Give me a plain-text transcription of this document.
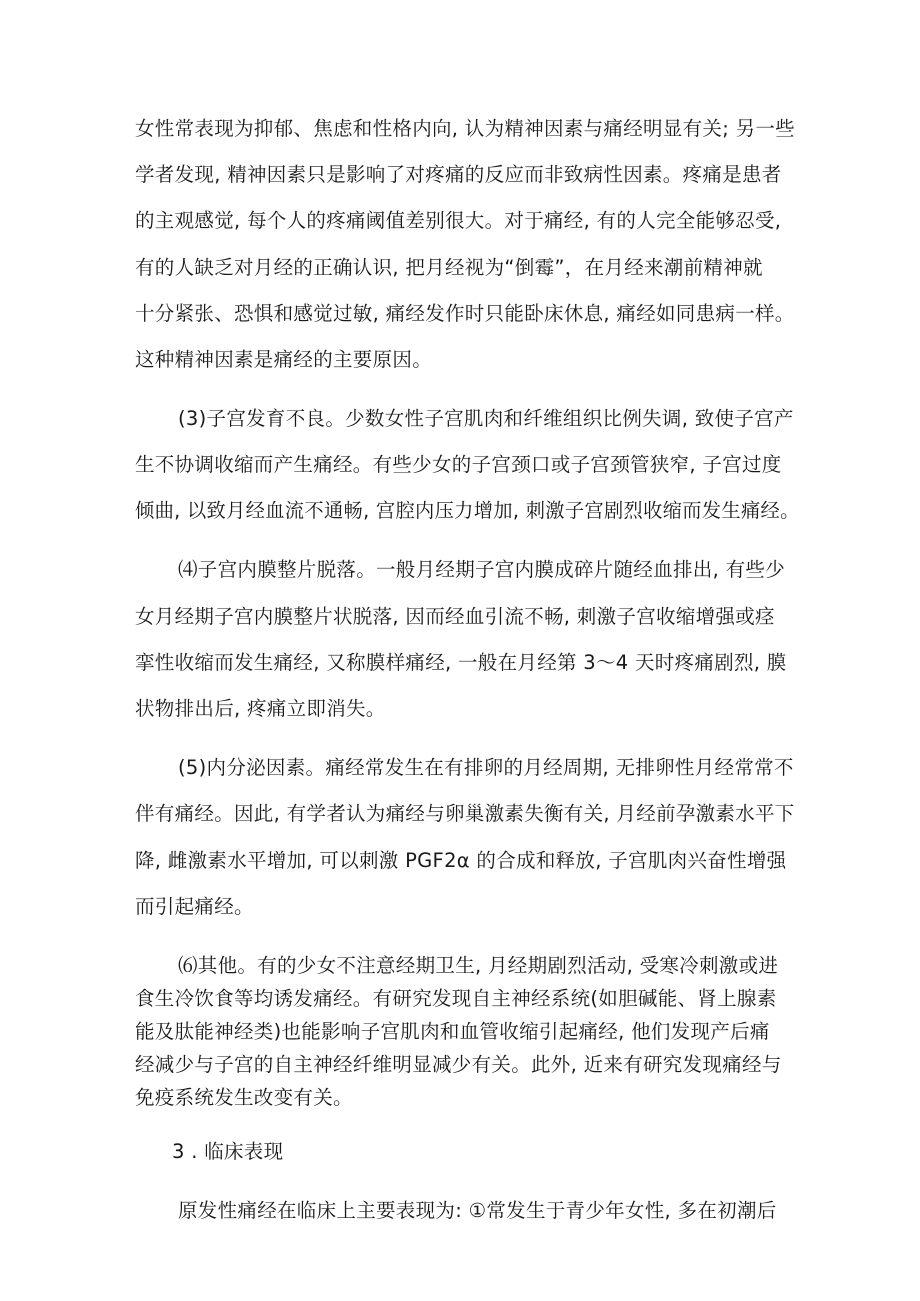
女性常表现为抑郁、焦虑和性格内向, 认为精神因素与痛经明显有关; 另一些

学者发现, 精神因素只是影响了对疼痛的反应而非致病性因素。疼痛是患者

的主观感觉, 每个人的疼痛阈值差别很大。对于痛经, 有的人完全能够忍受,

有的人缺乏对月经的正确认识, 把月经视为“倒霉”，在月经来潮前精神就

十分紧张、恐惧和感觉过敏, 痛经发作时只能卧床休息, 痛经如同患病一样。

这种精神因素是痛经的主要原因。

(3)子宫发育不良。少数女性子宫肌肉和纤维组织比例失调, 致使子宫产

生不协调收缩而产生痛经。有些少女的子宫颈口或子宫颈管狭窄, 子宫过度

倾曲, 以致月经血流不通畅, 宫腔内压力增加, 刺激子宫剧烈收缩而发生痛经。

⑷子宫内膜整片脱落。一般月经期子宫内膜成碎片随经血排出, 有些少

女月经期子宫内膜整片状脱落, 因而经血引流不畅, 刺激子宫收缩增强或痉

挛性收缩而发生痛经, 又称膜样痛经, 一般在月经第 3～4 天时疼痛剧烈, 膜

状物排出后, 疼痛立即消失。

(5)内分泌因素。痛经常发生在有排卵的月经周期, 无排卵性月经常常不

伴有痛经。因此, 有学者认为痛经与卵巢激素失衡有关, 月经前孕激素水平下

降, 雌激素水平增加, 可以刺激 PGF2α 的合成和释放, 子宫肌肉兴奋性增强

而引起痛经。

⑹其他。有的少女不注意经期卫生, 月经期剧烈活动, 受寒冷刺激或进

食生冷饮食等均诱发痛经。有研究发现自主神经系统(如胆碱能、肾上腺素

能及肽能神经类)也能影响子宫肌肉和血管收缩引起痛经, 他们发现产后痛

经减少与子宫的自主神经纤维明显减少有关。此外, 近来有研究发现痛经与

免疫系统发生改变有关。

3 . 临床表现

原发性痛经在临床上主要表现为: ①常发生于青少年女性, 多在初潮后
